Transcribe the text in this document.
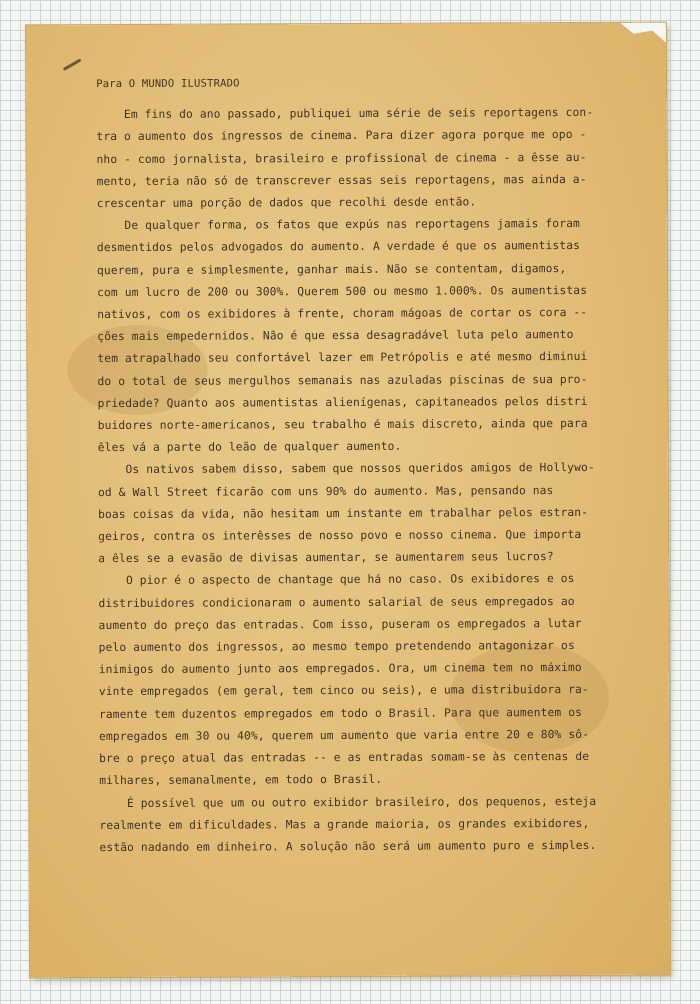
Para O MUNDO ILUSTRADO
Em fins do ano passado, publiquei uma série de seis reportagens con-
tra o aumento dos ingressos de cinema. Para dizer agora porque me opo -
nho - como jornalista, brasileiro e profissional de cinema - a êsse au-
mento, teria não só de transcrever essas seis reportagens, mas ainda a-
crescentar uma porção de dados que recolhi desde então.
De qualquer forma, os fatos que expús nas reportagens jamais foram
desmentidos pelos advogados do aumento. A verdade é que os aumentistas
querem, pura e simplesmente, ganhar mais. Não se contentam, digamos,
com um lucro de 200 ou 300%. Querem 500 ou mesmo 1.000%. Os aumentistas
nativos, com os exibidores à frente, choram mágoas de cortar os cora --
ções mais empedernidos. Não é que essa desagradável luta pelo aumento
tem atrapalhado seu confortável lazer em Petrópolis e até mesmo diminui
do o total de seus mergulhos semanais nas azuladas piscinas de sua pro-
priedade? Quanto aos aumentistas alienígenas, capitaneados pelos distri
buidores norte-americanos, seu trabalho é mais discreto, ainda que para
êles vá a parte do leão de qualquer aumento.
Os nativos sabem disso, sabem que nossos queridos amigos de Hollywo-
od & Wall Street ficarão com uns 90% do aumento. Mas, pensando nas
boas coisas da vida, não hesitam um instante em trabalhar pelos estran-
geiros, contra os interêsses de nosso povo e nosso cinema. Que importa
a êles se a evasão de divisas aumentar, se aumentarem seus lucros?
O pior é o aspecto de chantage que há no caso. Os exibidores e os
distribuidores condicionaram o aumento salarial de seus empregados ao
aumento do preço das entradas. Com isso, puseram os empregados a lutar
pelo aumento dos ingressos, ao mesmo tempo pretendendo antagonizar os
inimigos do aumento junto aos empregados. Ora, um cinema tem no máximo
vinte empregados (em geral, tem cinco ou seis), e uma distribuidora ra-
ramente tem duzentos empregados em todo o Brasil. Para que aumentem os
empregados em 30 ou 40%, querem um aumento que varia entre 20 e 80% sô-
bre o preço atual das entradas -- e as entradas somam-se às centenas de
milhares, semanalmente, em todo o Brasil.
É possível que um ou outro exibidor brasileiro, dos pequenos, esteja
realmente em dificuldades. Mas a grande maioria, os grandes exibidores,
estão nadando em dinheiro. A solução não será um aumento puro e simples.
